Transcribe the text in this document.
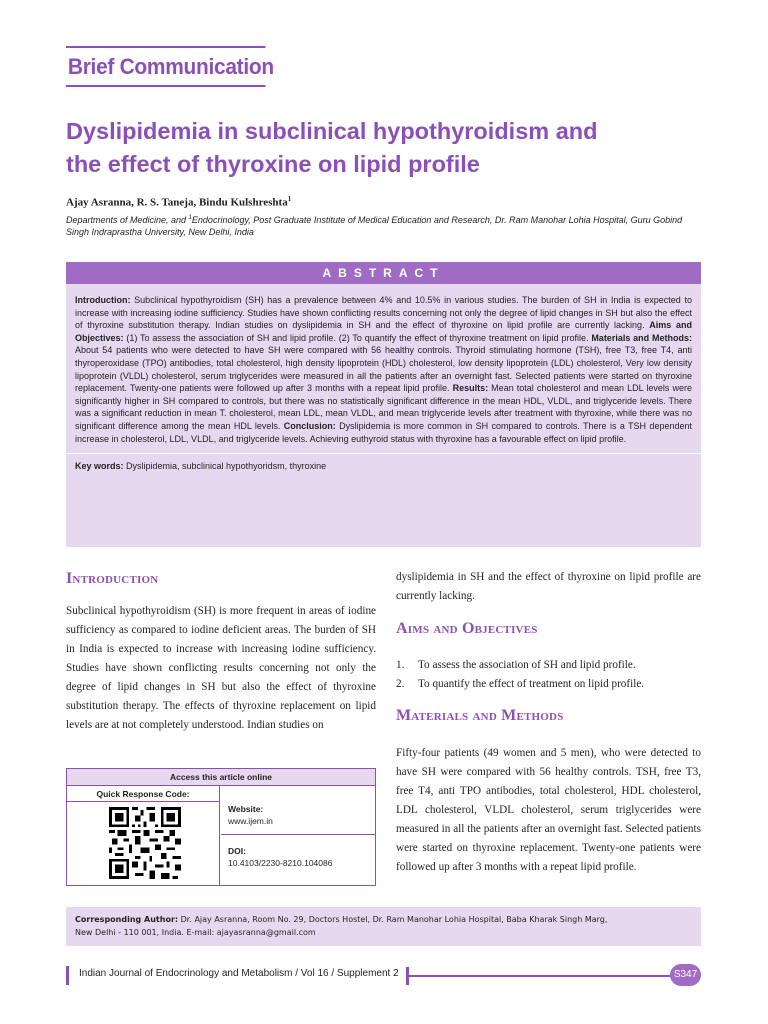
Brief Communication
Dyslipidemia in subclinical hypothyroidism and
the effect of thyroxine on lipid profile
Ajay Asranna, R. S. Taneja, Bindu Kulshreshta$^1$
Departments of Medicine, and $^1$Endocrinology, Post Graduate Institute of Medical Education and Research, Dr. Ram Manohar Lohia Hospital, Guru Gobind Singh Indraprastha University, New Delhi, India
ABSTRACT
Introduction: Subclinical hypothyroidism (SH) has a prevalence between 4% and 10.5% in various studies. The burden of SH in India is expected to increase with increasing iodine sufficiency. Studies have shown conflicting results concerning not only the degree of lipid changes in SH but also the effect of thyroxine substitution therapy. Indian studies on dyslipidemia in SH and the effect of thyroxine on lipid profile are currently lacking. Aims and Objectives: (1) To assess the association of SH and lipid profile. (2) To quantify the effect of thyroxine treatment on lipid profile. Materials and Methods: About 54 patients who were detected to have SH were compared with 56 healthy controls. Thyroid stimulating hormone (TSH), free T3, free T4, anti thyroperoxidase (TPO) antibodies, total cholesterol, high density lipoprotein (HDL) cholesterol, low density lipoprotein (LDL) cholesterol, Very low density lipoprotein (VLDL) cholesterol, serum triglycerides were measured in all the patients after an overnight fast. Selected patients were started on thyroxine replacement. Twenty-one patients were followed up after 3 months with a repeat lipid profile. Results: Mean total cholesterol and mean LDL levels were significantly higher in SH compared to controls, but there was no statistically significant difference in the mean HDL, VLDL, and triglyceride levels. There was a significant reduction in mean T. cholesterol, mean LDL, mean VLDL, and mean triglyceride levels after treatment with thyroxine, while there was no significant difference among the mean HDL levels. Conclusion: Dyslipidemia is more common in SH compared to controls. There is a TSH dependent increase in cholesterol, LDL, VLDL, and triglyceride levels. Achieving euthyroid status with thyroxine has a favourable effect on lipid profile.
Key words: Dyslipidemia, subclinical hypothyoridsm, thyroxine
Introduction
Subclinical hypothyroidism (SH) is more frequent in areas of iodine sufficiency as compared to iodine deficient areas. The burden of SH in India is expected to increase with increasing iodine sufficiency. Studies have shown conflicting results concerning not only the degree of lipid changes in SH but also the effect of thyroxine substitution therapy. The effects of thyroxine replacement on lipid levels are at not completely understood. Indian studies on
Access this article online
Quick Response Code:
Website:
www.ijem.in
DOI:
10.4103/2230-8210.104086
dyslipidemia in SH and the effect of thyroxine on lipid profile are currently lacking.
Aims and Objectives
1.	To assess the association of SH and lipid profile.
2.	To quantify the effect of treatment on lipid profile.
Materials and Methods
Fifty-four patients (49 women and 5 men), who were detected to have SH were compared with 56 healthy controls. TSH, free T3, free T4, anti TPO antibodies, total cholesterol, HDL cholesterol, LDL cholesterol, VLDL cholesterol, serum triglycerides were measured in all the patients after an overnight fast. Selected patients were started on thyroxine replacement. Twenty-one patients were followed up after 3 months with a repeat lipid profile.
Corresponding Author: Dr. Ajay Asranna, Room No. 29, Doctors Hostel, Dr. Ram Manohar Lohia Hospital, Baba Kharak Singh Marg,
New Delhi - 110 001, India. E-mail: ajayasranna@gmail.com
Indian Journal of Endocrinology and Metabolism / Vol 16 / Supplement 2	S347
